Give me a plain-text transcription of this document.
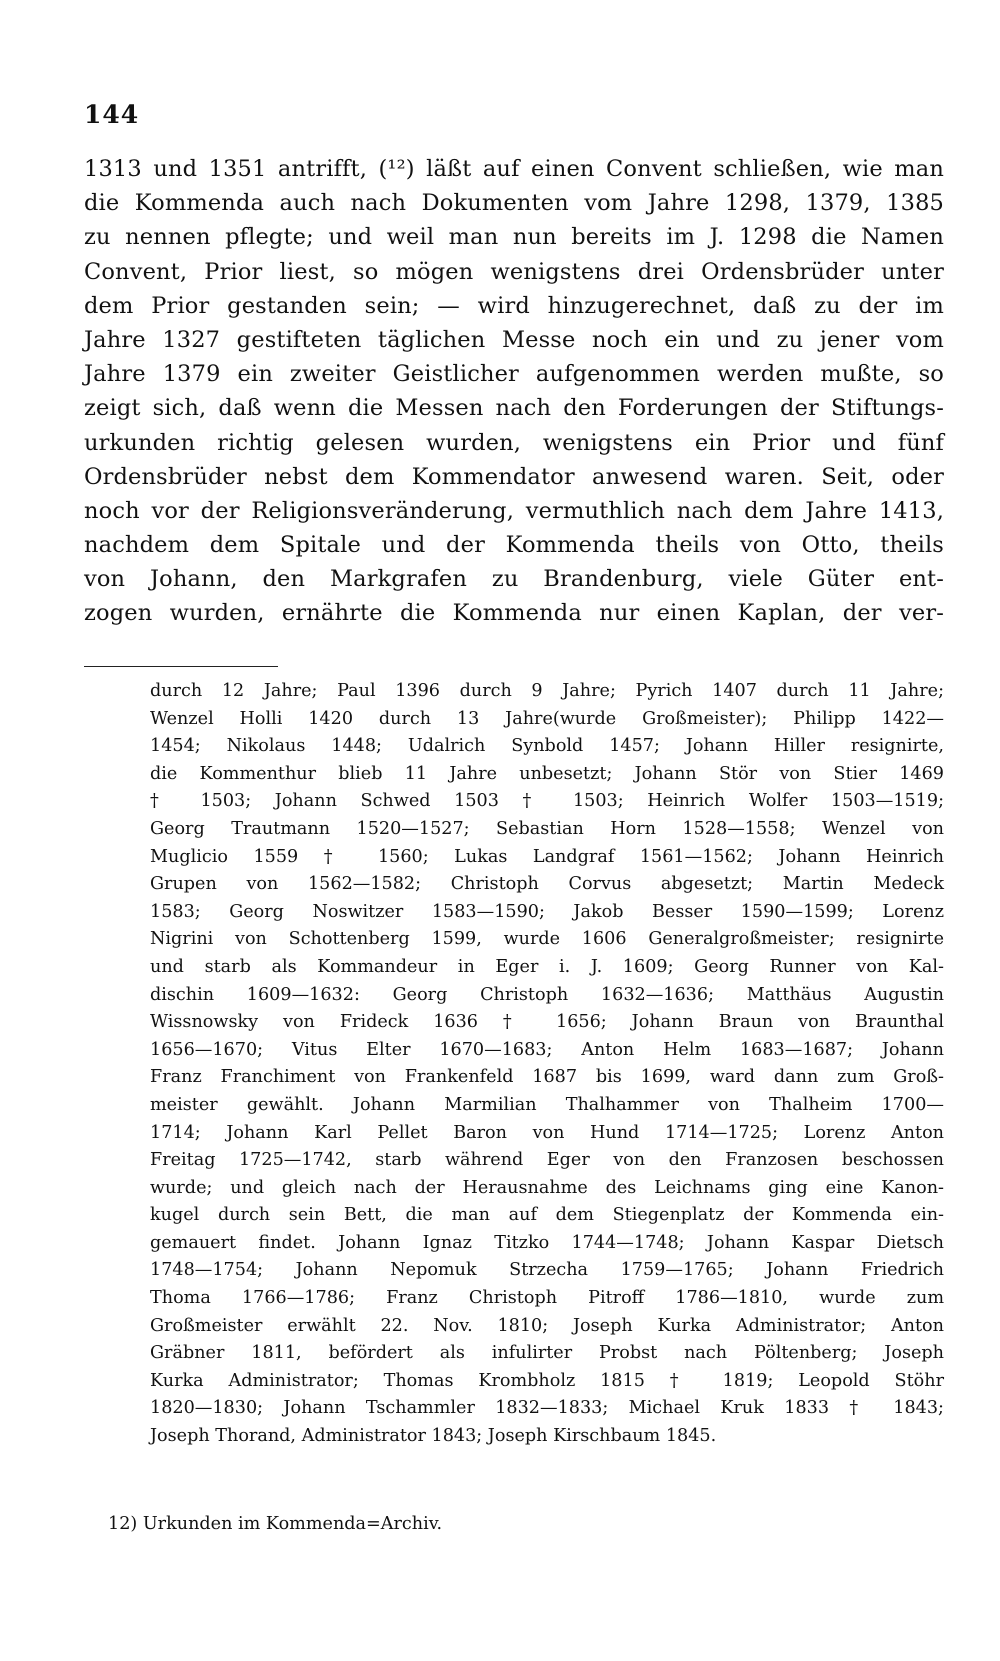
144
1313 und 1351 antrifft, (¹²) läßt auf einen Convent schließen, wie man
die Kommenda auch nach Dokumenten vom Jahre 1298, 1379, 1385
zu nennen pflegte; und weil man nun bereits im J. 1298 die Namen
Convent, Prior liest, so mögen wenigstens drei Ordensbrüder unter
dem Prior gestanden sein; — wird hinzugerechnet, daß zu der im
Jahre 1327 gestifteten täglichen Messe noch ein und zu jener vom
Jahre 1379 ein zweiter Geistlicher aufgenommen werden mußte, so
zeigt sich, daß wenn die Messen nach den Forderungen der Stiftungs-
urkunden richtig gelesen wurden, wenigstens ein Prior und fünf
Ordensbrüder nebst dem Kommendator anwesend waren. Seit, oder
noch vor der Religionsveränderung, vermuthlich nach dem Jahre 1413,
nachdem dem Spitale und der Kommenda theils von Otto, theils
von Johann, den Markgrafen zu Brandenburg, viele Güter ent-
zogen wurden, ernährte die Kommenda nur einen Kaplan, der ver-
durch 12 Jahre; Paul 1396 durch 9 Jahre; Pyrich 1407 durch 11 Jahre;
Wenzel Holli 1420 durch 13 Jahre(wurde Großmeister); Philipp 1422—
1454; Nikolaus 1448; Udalrich Synbold 1457; Johann Hiller resignirte,
die Kommenthur blieb 11 Jahre unbesetzt; Johann Stör von Stier 1469
† 1503; Johann Schwed 1503 † 1503; Heinrich Wolfer 1503—1519;
Georg Trautmann 1520—1527; Sebastian Horn 1528—1558; Wenzel von
Muglicio 1559 † 1560; Lukas Landgraf 1561—1562; Johann Heinrich
Grupen von 1562—1582; Christoph Corvus abgesetzt; Martin Medeck
1583; Georg Noswitzer 1583—1590; Jakob Besser 1590—1599; Lorenz
Nigrini von Schottenberg 1599, wurde 1606 Generalgroßmeister; resignirte
und starb als Kommandeur in Eger i. J. 1609; Georg Runner von Kal-
dischin 1609—1632: Georg Christoph 1632—1636; Matthäus Augustin
Wissnowsky von Frideck 1636 † 1656; Johann Braun von Braunthal
1656—1670; Vitus Elter 1670—1683; Anton Helm 1683—1687; Johann
Franz Franchiment von Frankenfeld 1687 bis 1699, ward dann zum Groß-
meister gewählt. Johann Marmilian Thalhammer von Thalheim 1700—
1714; Johann Karl Pellet Baron von Hund 1714—1725; Lorenz Anton
Freitag 1725—1742, starb während Eger von den Franzosen beschossen
wurde; und gleich nach der Herausnahme des Leichnams ging eine Kanon-
kugel durch sein Bett, die man auf dem Stiegenplatz der Kommenda ein-
gemauert findet. Johann Ignaz Titzko 1744—1748; Johann Kaspar Dietsch
1748—1754; Johann Nepomuk Strzecha 1759—1765; Johann Friedrich
Thoma 1766—1786; Franz Christoph Pitroff 1786—1810, wurde zum
Großmeister erwählt 22. Nov. 1810; Joseph Kurka Administrator; Anton
Gräbner 1811, befördert als infulirter Probst nach Pöltenberg; Joseph
Kurka Administrator; Thomas Krombholz 1815 † 1819; Leopold Stöhr
1820—1830; Johann Tschammler 1832—1833; Michael Kruk 1833 † 1843;
Joseph Thorand, Administrator 1843; Joseph Kirschbaum 1845.
12) Urkunden im Kommenda=Archiv.
